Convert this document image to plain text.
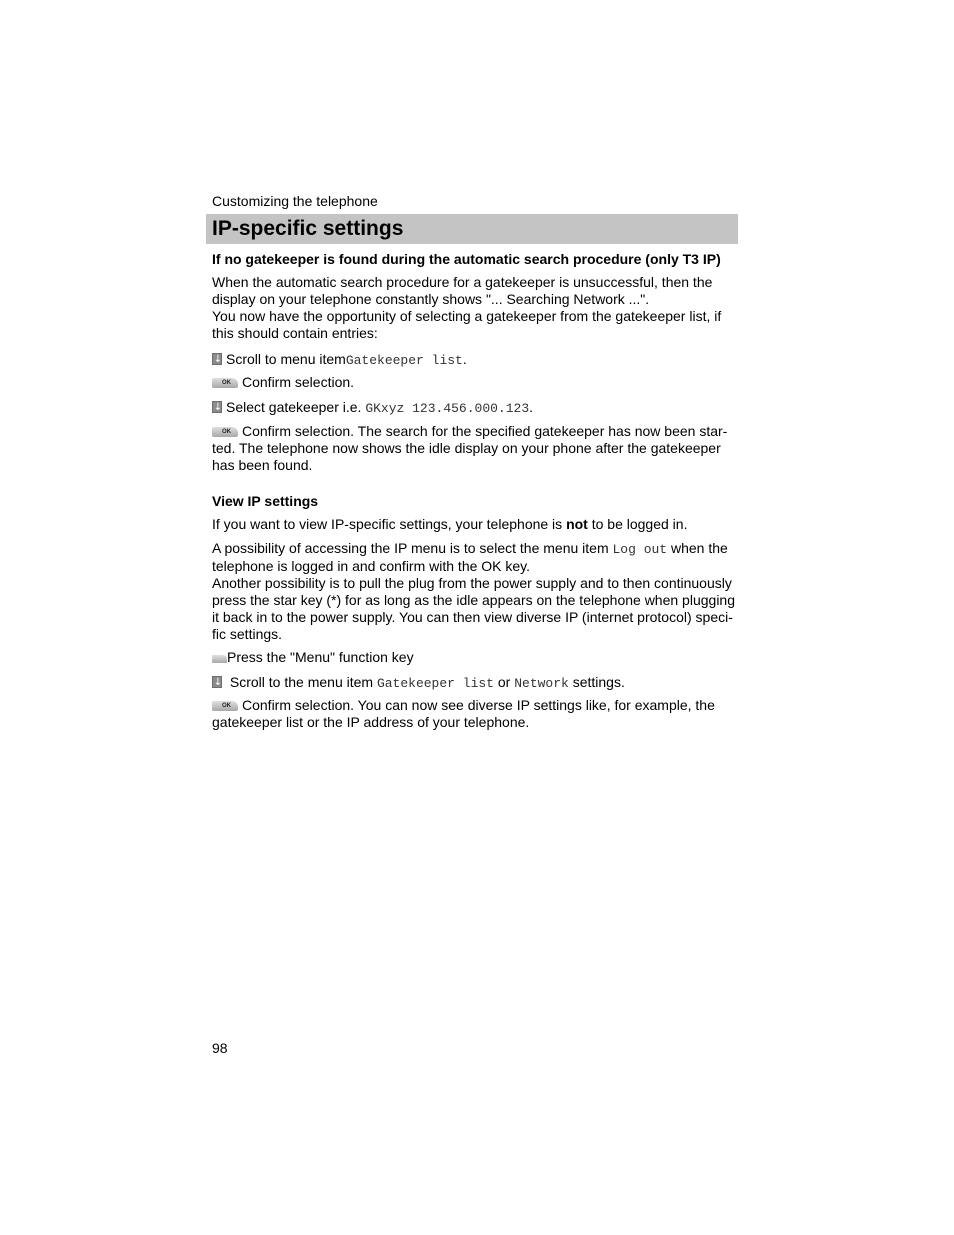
Customizing the telephone
IP-specific settings

If no gatekeeper is found during the automatic search procedure (only T3 IP)

When the automatic search procedure for a gatekeeper is unsuccessful, then the
display on your telephone constantly shows "... Searching Network ...".
You now have the opportunity of selecting a gatekeeper from the gatekeeper list, if
this should contain entries:
↓Scroll to menu itemGatekeeper list.
OKConfirm selection.
↓Select gatekeeper i.e. GKxyz 123.456.000.123.
OKConfirm selection. The search for the specified gatekeeper has now been star-
ted. The telephone now shows the idle display on your phone after the gatekeeper
has been found.

View IP settings

If you want to view IP-specific settings, your telephone is not to be logged in.
A possibility of accessing the IP menu is to select the menu item Log out when the
telephone is logged in and confirm with the OK key.
Another possibility is to pull the plug from the power supply and to then continuously
press the star key (*) for as long as the idle appears on the telephone when plugging
it back in to the power supply. You can then view diverse IP (internet protocol) speci-
fic settings.
Press the "Menu" function key
↓ Scroll to the menu item Gatekeeper list or Network settings.
OKConfirm selection. You can now see diverse IP settings like, for example, the
gatekeeper list or the IP address of your telephone.
98
